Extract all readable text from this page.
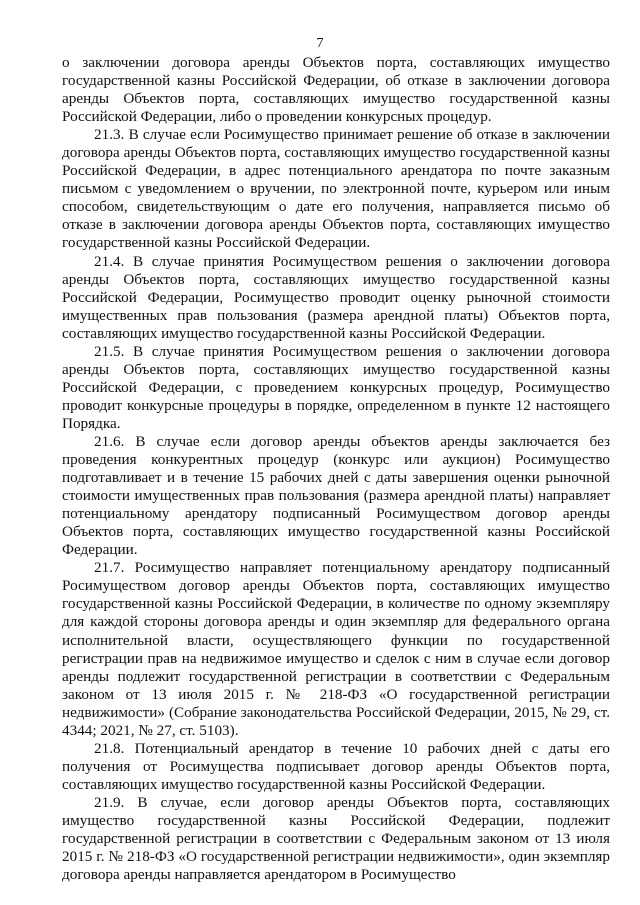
7

о заключении договора аренды Объектов порта, составляющих имущество государственной казны Российской Федерации, об отказе в заключении договора аренды Объектов порта, составляющих имущество государственной казны Российской Федерации, либо о проведении конкурсных процедур.

21.3. В случае если Росимущество принимает решение об отказе в заключении договора аренды Объектов порта, составляющих имущество государственной казны Российской Федерации, в адрес потенциального арендатора по почте заказным письмом с уведомлением о вручении, по электронной почте, курьером или иным способом, свидетельствующим о дате его получения, направляется письмо об отказе в заключении договора аренды Объектов порта, составляющих имущество государственной казны Российской Федерации.

21.4. В случае принятия Росимуществом решения о заключении договора аренды Объектов порта, составляющих имущество государственной казны Российской Федерации, Росимущество проводит оценку рыночной стоимости имущественных прав пользования (размера арендной платы) Объектов порта, составляющих имущество государственной казны Российской Федерации.

21.5. В случае принятия Росимуществом решения о заключении договора аренды Объектов порта, составляющих имущество государственной казны Российской Федерации, с проведением конкурсных процедур, Росимущество проводит конкурсные процедуры в порядке, определенном в пункте 12 настоящего Порядка.

21.6. В случае если договор аренды объектов аренды заключается без проведения конкурентных процедур (конкурс или аукцион) Росимущество подготавливает и в течение 15 рабочих дней с даты завершения оценки рыночной стоимости имущественных прав пользования (размера арендной платы) направляет потенциальному арендатору подписанный Росимуществом договор аренды Объектов порта, составляющих имущество государственной казны Российской Федерации.

21.7. Росимущество направляет потенциальному арендатору подписанный Росимуществом договор аренды Объектов порта, составляющих имущество государственной казны Российской Федерации, в количестве по одному экземпляру для каждой стороны договора аренды и один экземпляр для федерального органа исполнительной власти, осуществляющего функции по государственной регистрации прав на недвижимое имущество и сделок с ним в случае если договор аренды подлежит государственной регистрации в соответствии с Федеральным законом от 13 июля 2015 г. № 218-ФЗ «О государственной регистрации недвижимости» (Собрание законодательства Российской Федерации, 2015, № 29, ст. 4344; 2021, № 27, ст. 5103).

21.8. Потенциальный арендатор в течение 10 рабочих дней с даты его получения от Росимущества подписывает договор аренды Объектов порта, составляющих имущество государственной казны Российской Федерации.

21.9. В случае, если договор аренды Объектов порта, составляющих имущество государственной казны Российской Федерации, подлежит государственной регистрации в соответствии с Федеральным законом от 13 июля 2015 г. № 218-ФЗ «О государственной регистрации недвижимости», один экземпляр договора аренды направляется арендатором в Росимущество
